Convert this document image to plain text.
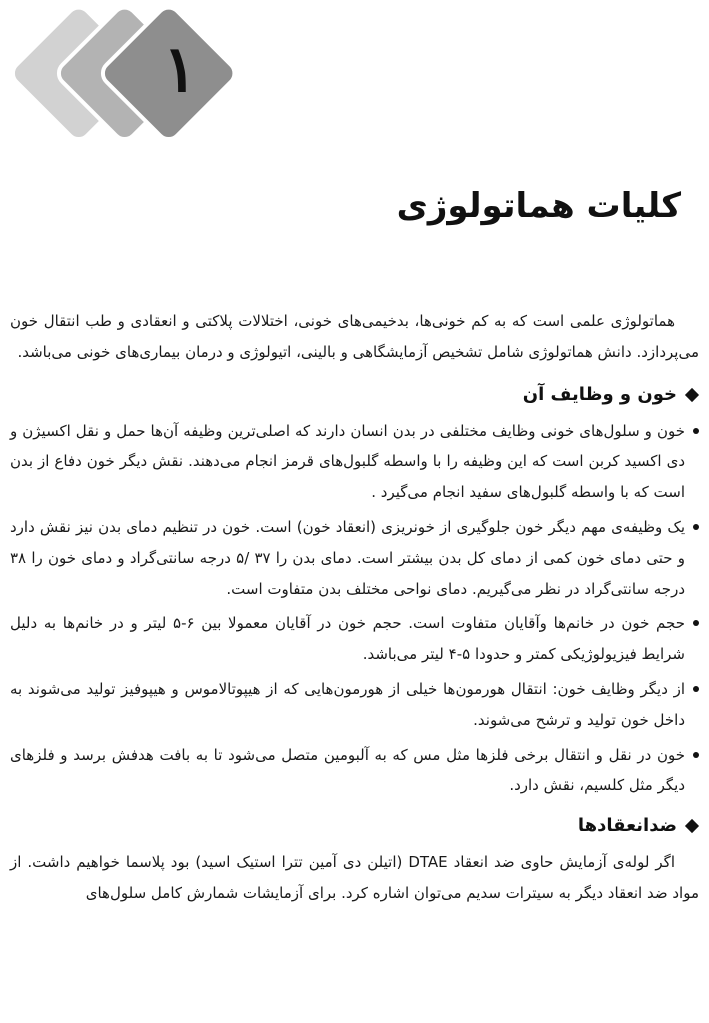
۱
کلیات هماتولوژی

هماتولوژی علمی است که به کم خونی‌ها، بدخیمی‌های خونی، اختلالات پلاکتی و انعقادی و طب انتقال خون می‌پردازد. دانش هماتولوژی شامل تشخیص آزمایشگاهی و بالینی، اتیولوژی و درمان بیماری‌های خونی می‌باشد.

خون و وظایف آن
خون و سلول‌های خونی وظایف مختلفی در بدن انسان دارند که اصلی‌ترین وظیفه آن‌ها حمل و نقل اکسیژن و دی اکسید کربن است که این وظیفه را با واسطه گلبول‌های قرمز انجام می‌دهند. نقش دیگر خون دفاع از بدن است که با واسطه گلبول‌های سفید انجام می‌گیرد .
یک وظیفه‌ی مهم دیگر خون جلوگیری از خونریزی (انعقاد خون) است. خون در تنظیم دمای بدن نیز نقش دارد و حتی دمای خون کمی از دمای کل بدن بیشتر است. دمای بدن را ۳۷ /۵ درجه سانتی‌گراد و دمای خون را ۳۸ درجه سانتی‌گراد در نظر می‌گیریم. دمای نواحی مختلف بدن متفاوت است.
حجم خون در خانم‌ها وآقایان متفاوت است. حجم خون در آقایان معمولا بین ۶-۵ لیتر و در خانم‌ها به دلیل شرایط فیزیولوژیکی کمتر و حدودا ۵-۴ لیتر می‌باشد.
از دیگر وظایف خون: انتقال هورمون‌ها خیلی از هورمون‌هایی که از هیپوتالاموس و هیپوفیز تولید می‌شوند به داخل خون تولید و ترشح می‌شوند.
خون در نقل و انتقال برخی فلزها مثل مس که به آلبومین متصل می‌شود تا به بافت هدفش برسد و فلزهای دیگر مثل کلسیم، نقش دارد.
ضدانعقادها

اگر لوله‌ی آزمایش حاوی ضد انعقاد DTAE (اتیلن دی آمین تترا استیک اسید) بود پلاسما خواهیم داشت. از مواد ضد انعقاد دیگر به سیترات سدیم می‌توان اشاره کرد. برای آزمایشات شمارش کامل سلول‌های
